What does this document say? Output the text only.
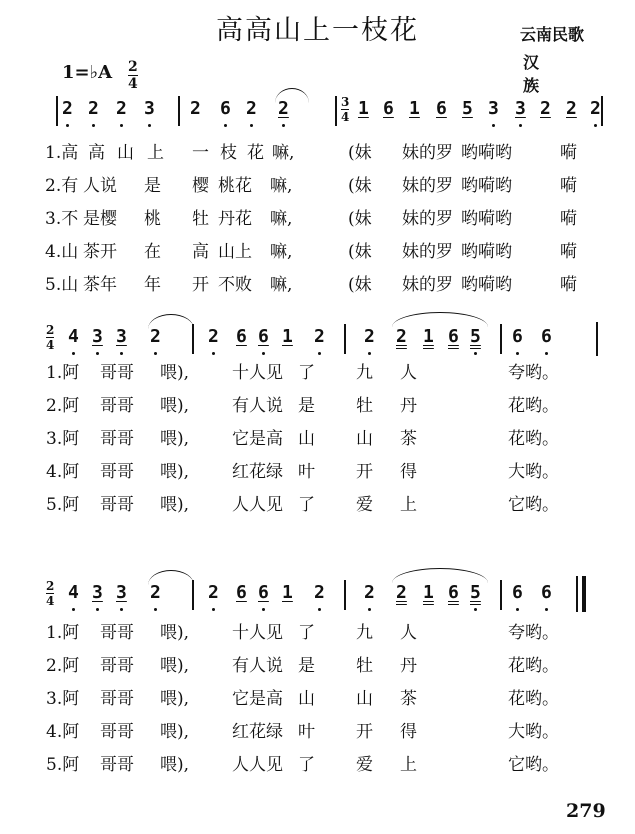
高高山上一枝花	云南民歌
汉 族
1=♭A 2
4
2 2 2 3 2 6 2 2	1 6 1 6 5 3 3 2 2 2
3
4
1.高 高 山 上 一 枝 花 嘛,	(妹 妹的罗 哟嗬哟	嗬
2.有 人说 是 樱 桃花 嘛,	(妹 妹的罗 哟嗬哟	嗬
3.不 是樱 桃 牡 丹花 嘛,	(妹 妹的罗 哟嗬哟	嗬
4.山 茶开 在 高 山上 嘛,	(妹 妹的罗 哟嗬哟	嗬
5.山 茶年 年 开 不败 嘛,	(妹 妹的罗 哟嗬哟	嗬
4 3 3 2	2 6 6 1 2 2 2 1 6 5 6 6
2
4
1.阿 哥哥 喂),	十人见 了 九 人	夸哟。
2.阿 哥哥 喂),	有人说 是 牡 丹	花哟。
3.阿 哥哥 喂),	它是高 山 山 茶	花哟。
4.阿 哥哥 喂),	红花绿 叶 开 得	大哟。
5.阿 哥哥 喂),	人人见 了 爱 上	它哟。
4 3 3 2	2 6 6 1 2 2 2 1 6 5 6 6
2
4
1.阿 哥哥 喂),	十人见 了 九 人	夸哟。
2.阿 哥哥 喂),	有人说 是 牡 丹	花哟。
3.阿 哥哥 喂),	它是高 山 山 茶	花哟。
4.阿 哥哥 喂),	红花绿 叶 开 得	大哟。
5.阿 哥哥 喂),	人人见 了 爱 上	它哟。
279
